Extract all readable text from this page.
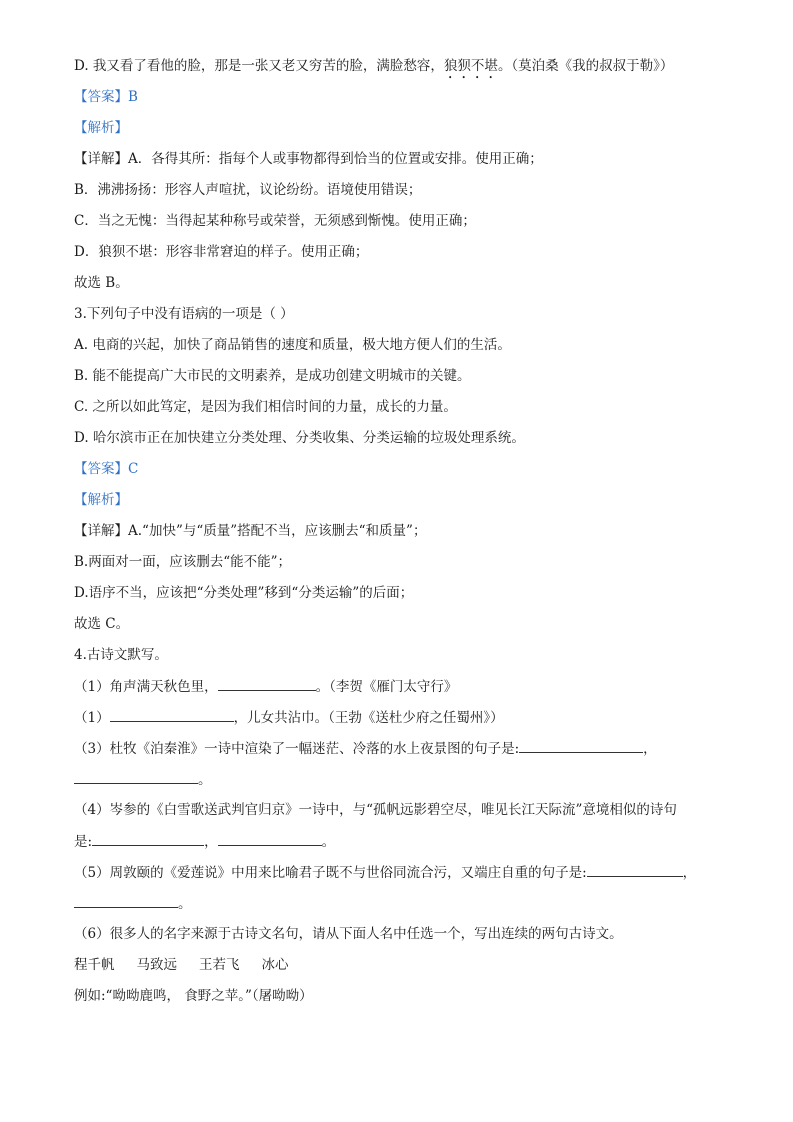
D. 我又看了看他的脸，那是一张又老又穷苦的脸，满脸愁容，狼狈不堪。（莫泊桑《我的叔叔于勒》）
【答案】B
【解析】
【详解】A．各得其所：指每个人或事物都得到恰当的位置或安排。使用正确；
B．沸沸扬扬：形容人声喧扰，议论纷纷。语境使用错误；
C．当之无愧：当得起某种称号或荣誉，无须感到惭愧。使用正确；
D．狼狈不堪：形容非常窘迫的样子。使用正确；
故选 B。
3.下列句子中没有语病的一项是（ ）
A. 电商的兴起，加快了商品销售的速度和质量，极大地方便人们的生活。
B. 能不能提高广大市民的文明素养，是成功创建文明城市的关键。
C. 之所以如此笃定，是因为我们相信时间的力量，成长的力量。
D. 哈尔滨市正在加快建立分类处理、分类收集、分类运输的垃圾处理系统。
【答案】C
【解析】
【详解】A.“加快”与“质量”搭配不当，应该删去“和质量”；
B.两面对一面，应该删去“能不能”；
D.语序不当，应该把“分类处理”移到“分类运输”的后面；
故选 C。
4.古诗文默写。
（1）角声满天秋色里，	。（李贺《雁门太守行》
（1）	，儿女共沾巾。（王勃《送杜少府之任蜀州》）
（3）杜牧《泊秦淮》一诗中渲染了一幅迷茫、冷落的水上夜景图的句子是:	，
。
（4）岑参的《白雪歌送武判官归京》一诗中，与“孤帆远影碧空尽，唯见长江天际流”意境相似的诗句
是:	，	。
（5）周敦颐的《爱莲说》中用来比喻君子既不与世俗同流合污，又端庄自重的句子是:	，
。
（6）很多人的名字来源于古诗文名句，请从下面人名中任选一个，写出连续的两句古诗文。
程千帆 马致远 王若飞 冰心
例如:“呦呦鹿鸣， 食野之苹。”（屠呦呦）
